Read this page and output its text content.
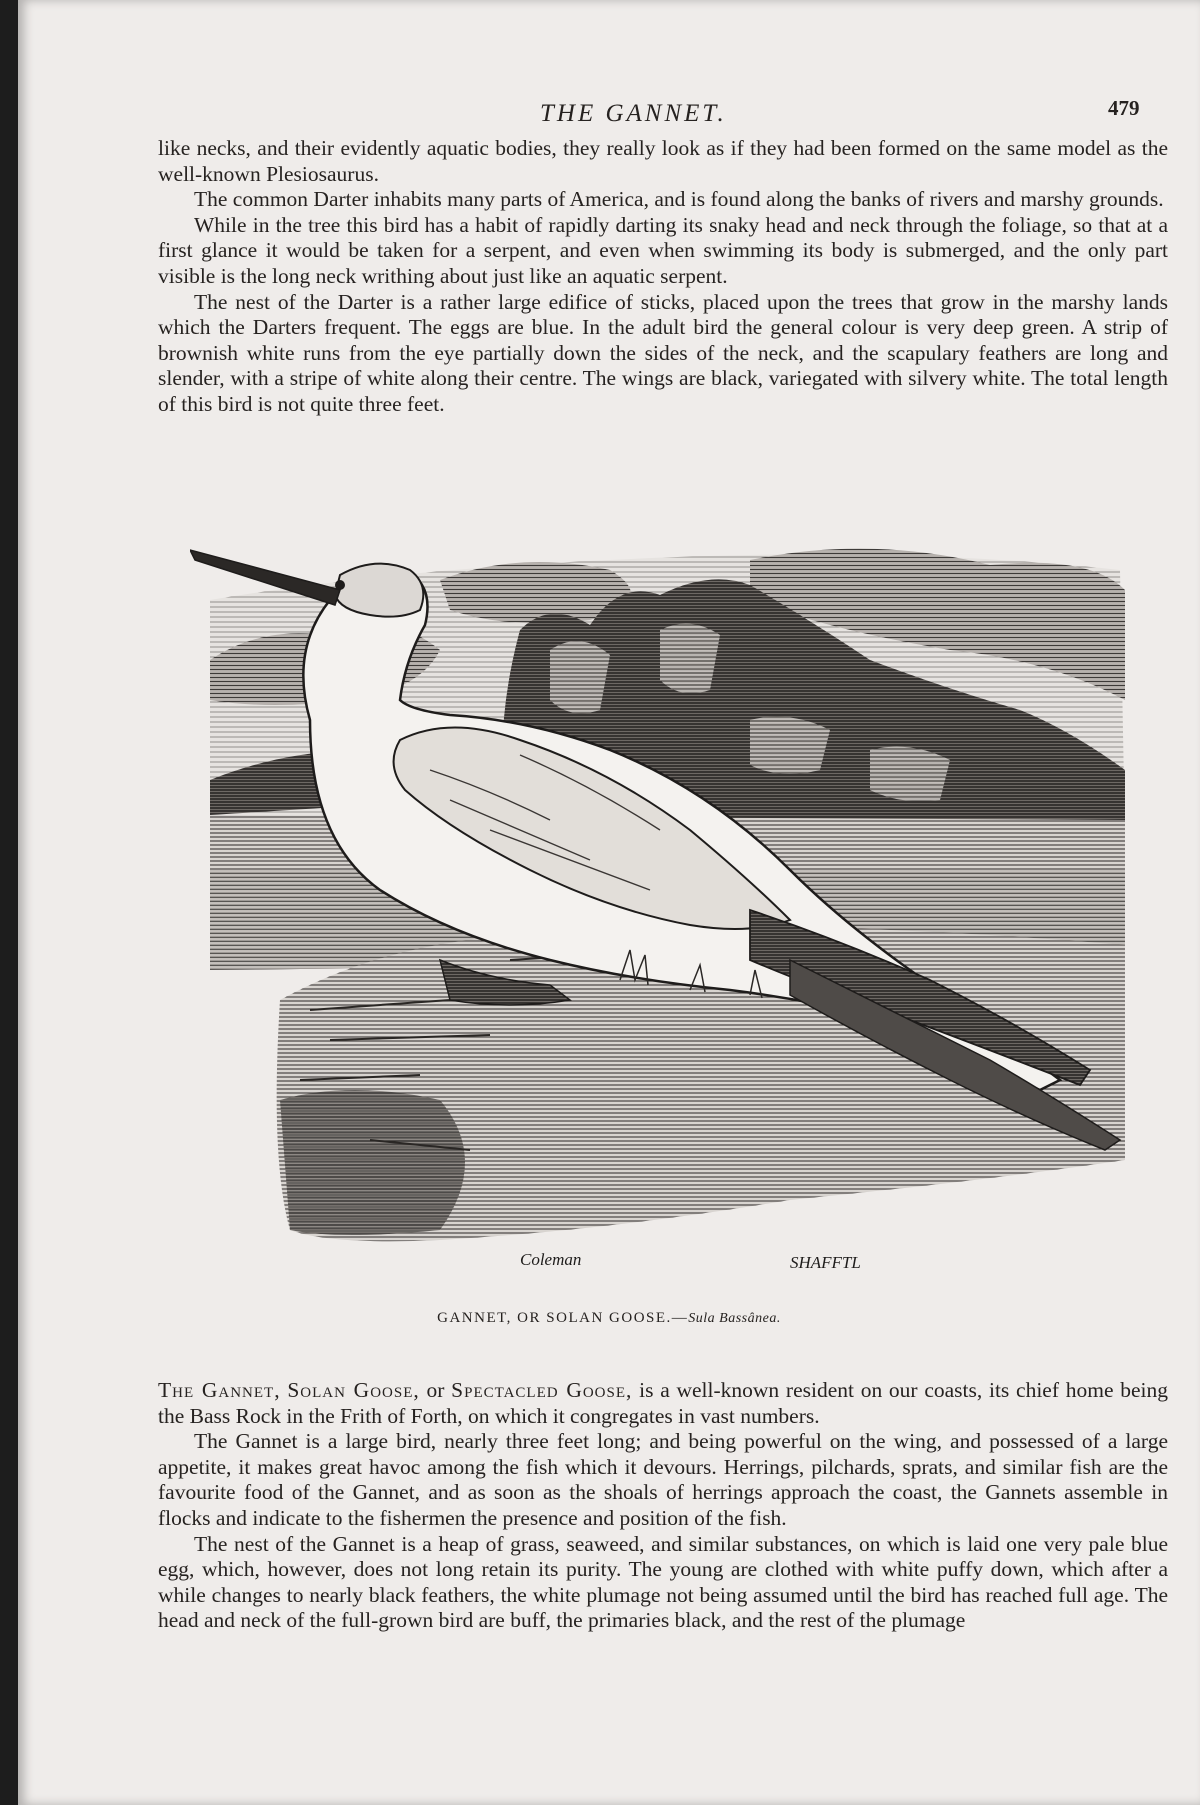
THE GANNET.	479

like necks, and their evidently aquatic bodies, they really look as if they had been formed on the same model as the well-known Plesiosaurus.

The common Darter inhabits many parts of America, and is found along the banks of rivers and marshy grounds.

While in the tree this bird has a habit of rapidly darting its snaky head and neck through the foliage, so that at a first glance it would be taken for a serpent, and even when swimming its body is submerged, and the only part visible is the long neck writhing about just like an aquatic serpent.

The nest of the Darter is a rather large edifice of sticks, placed upon the trees that grow in the marshy lands which the Darters frequent. The eggs are blue. In the adult bird the general colour is very deep green. A strip of brownish white runs from the eye partially down the sides of the neck, and the scapulary feathers are long and slender, with a stripe of white along their centre. The wings are black, variegated with silvery white. The total length of this bird is not quite three feet.

Coleman	SHAFFTL
GANNET, OR SOLAN GOOSE.—Sula Bassânea.

The Gannet, Solan Goose, or Spectacled Goose, is a well-known resident on our coasts, its chief home being the Bass Rock in the Frith of Forth, on which it congregates in vast numbers.

The Gannet is a large bird, nearly three feet long; and being powerful on the wing, and possessed of a large appetite, it makes great havoc among the fish which it devours. Herrings, pilchards, sprats, and similar fish are the favourite food of the Gannet, and as soon as the shoals of herrings approach the coast, the Gannets assemble in flocks and indicate to the fishermen the presence and position of the fish.

The nest of the Gannet is a heap of grass, seaweed, and similar substances, on which is laid one very pale blue egg, which, however, does not long retain its purity. The young are clothed with white puffy down, which after a while changes to nearly black feathers, the white plumage not being assumed until the bird has reached full age. The head and neck of the full-grown bird are buff, the primaries black, and the rest of the plumage
